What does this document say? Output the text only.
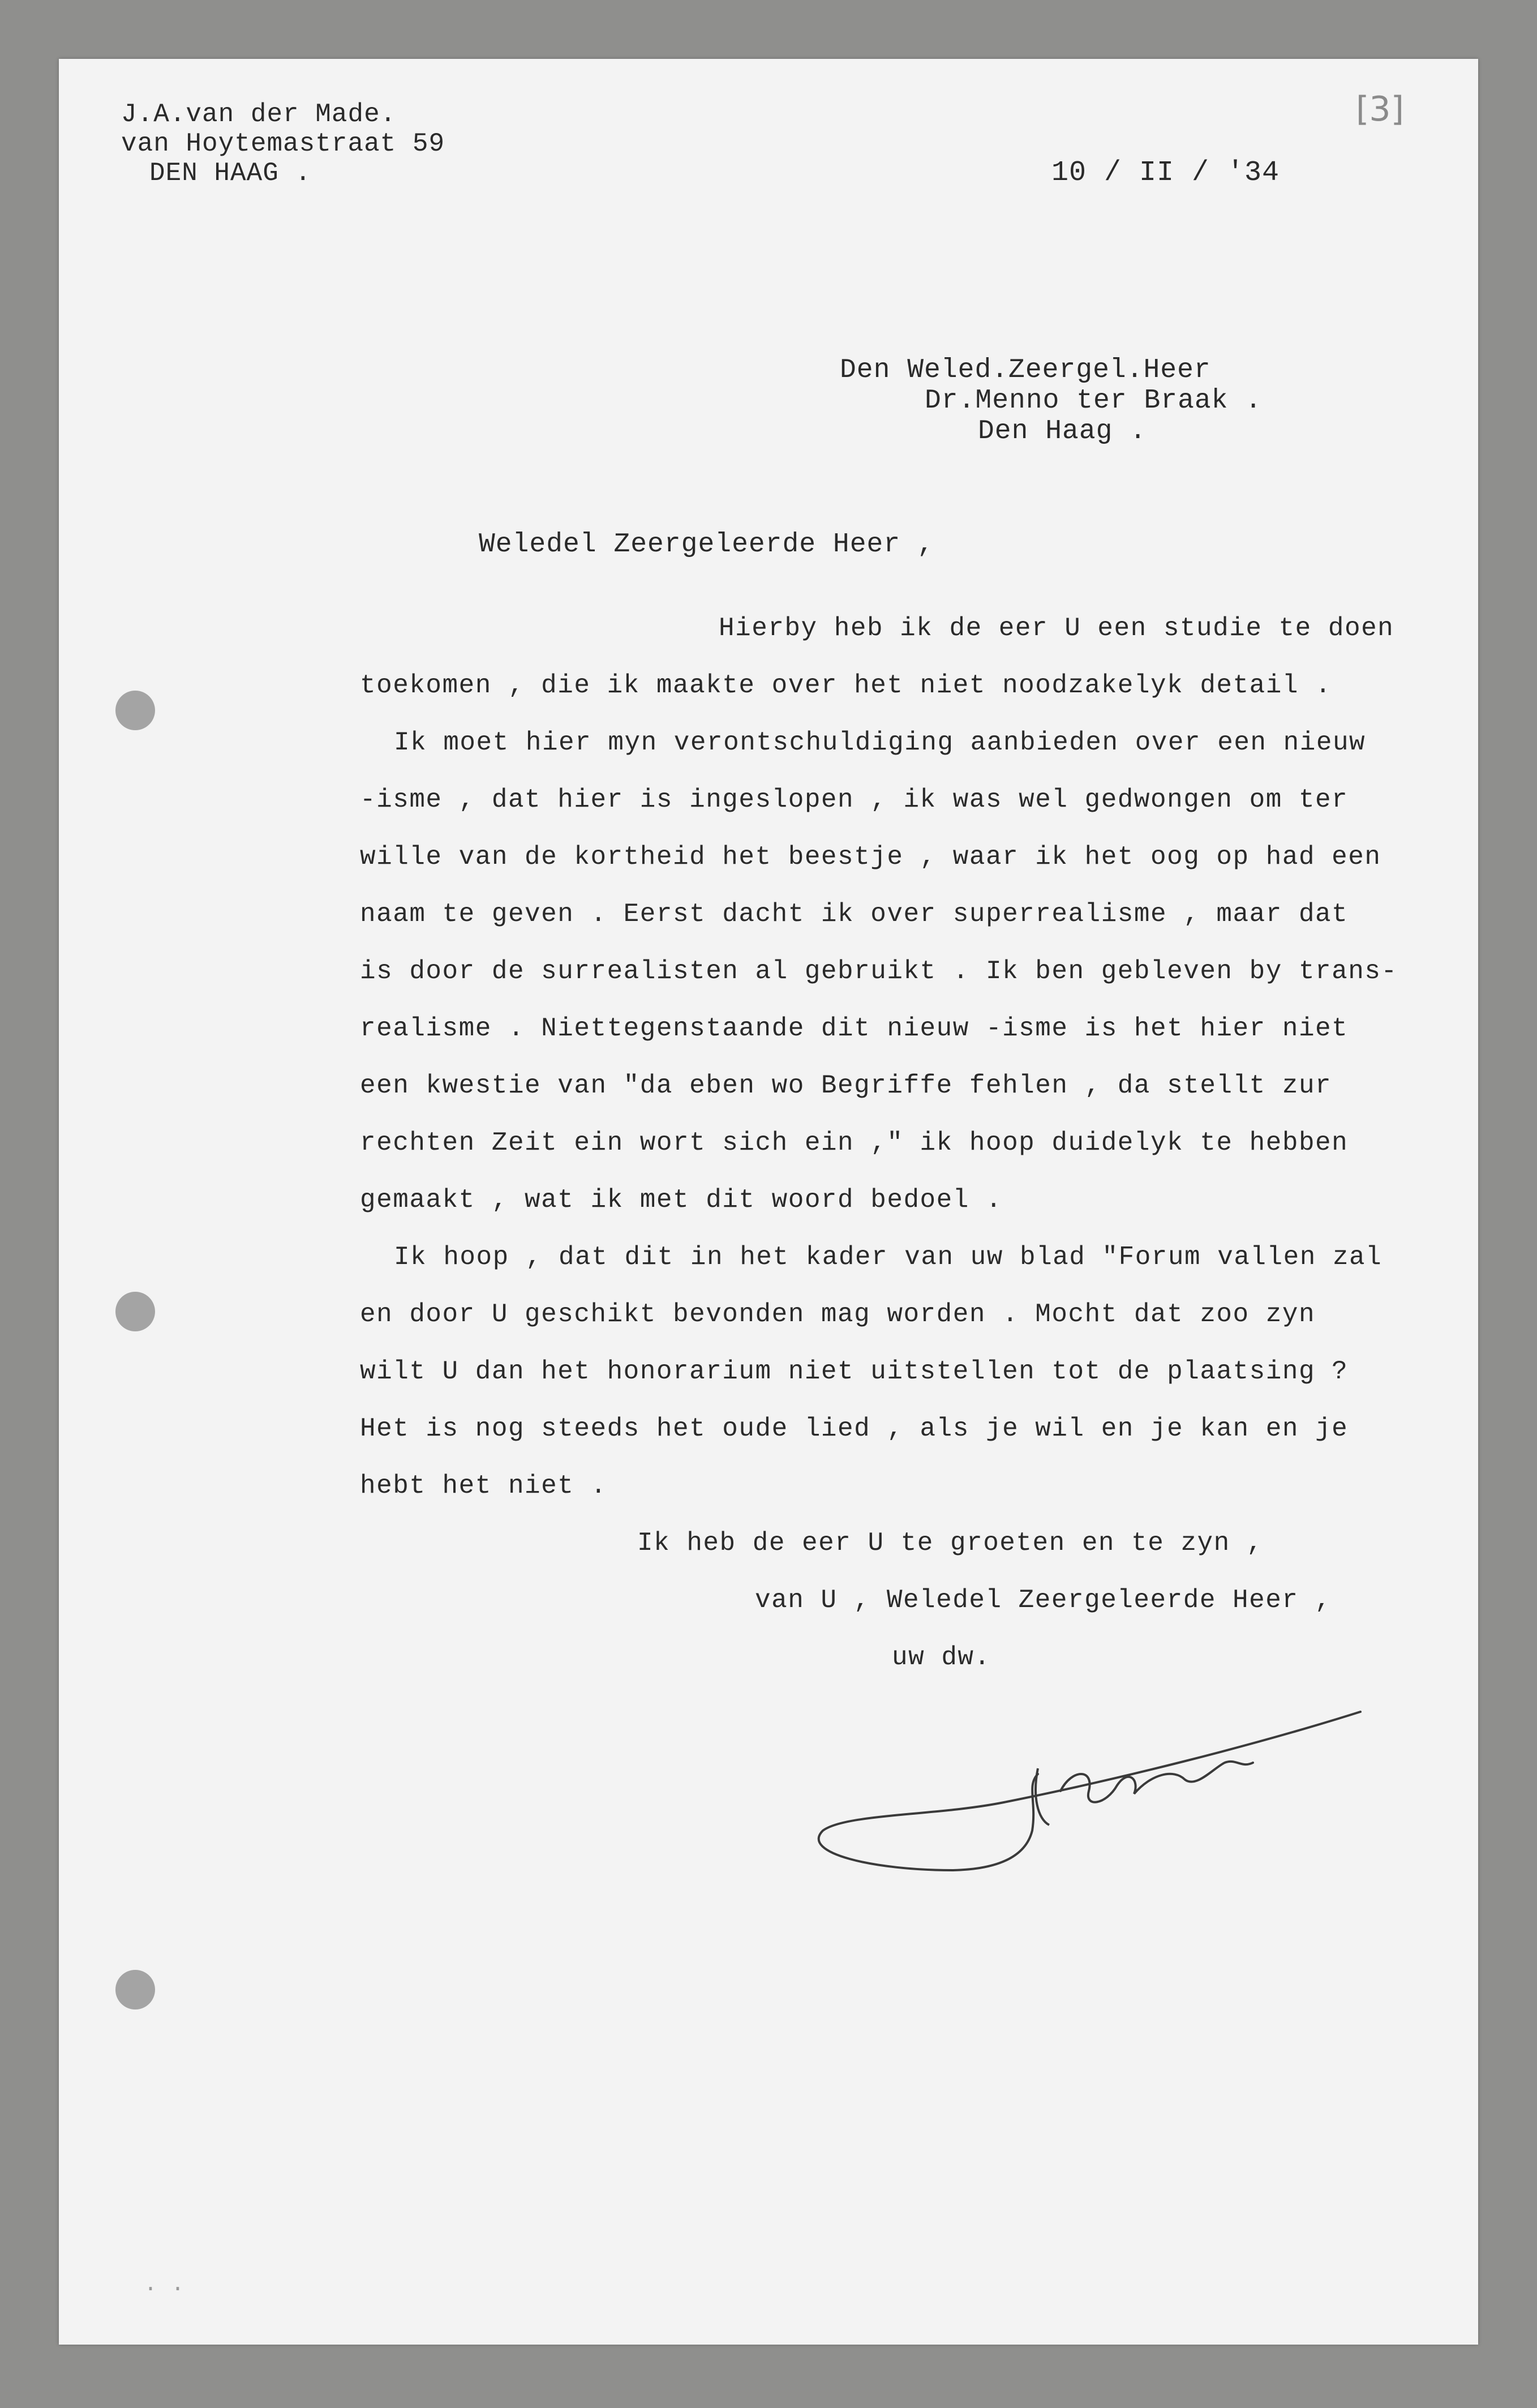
[3]
J.A.van der Made.
van Hoytemastraat 59
DEN HAAG .	10 / II / '34
Den Weled.Zeergel.Heer
Dr.Menno ter Braak .
Den Haag .
Weledel Zeergeleerde Heer ,
Hierby heb ik de eer U een studie te doen
toekomen , die ik maakte over het niet noodzakelyk detail .
Ik moet hier myn verontschuldiging aanbieden over een nieuw
-isme , dat hier is ingeslopen , ik was wel gedwongen om ter
wille van de kortheid het beestje , waar ik het oog op had een
naam te geven . Eerst dacht ik over superrealisme , maar dat
is door de surrealisten al gebruikt . Ik ben gebleven by trans-
realisme . Niettegenstaande dit nieuw -isme is het hier niet
een kwestie van "da eben wo Begriffe fehlen , da stellt zur
rechten Zeit ein wort sich ein ," ik hoop duidelyk te hebben
gemaakt , wat ik met dit woord bedoel .
Ik hoop , dat dit in het kader van uw blad "Forum vallen zal
en door U geschikt bevonden mag worden . Mocht dat zoo zyn
wilt U dan het honorarium niet uitstellen tot de plaatsing ?
Het is nog steeds het oude lied , als je wil en je kan en je
hebt het niet .
Ik heb de eer U te groeten en te zyn ,
van U , Weledel Zeergeleerde Heer ,
uw dw.
. .
